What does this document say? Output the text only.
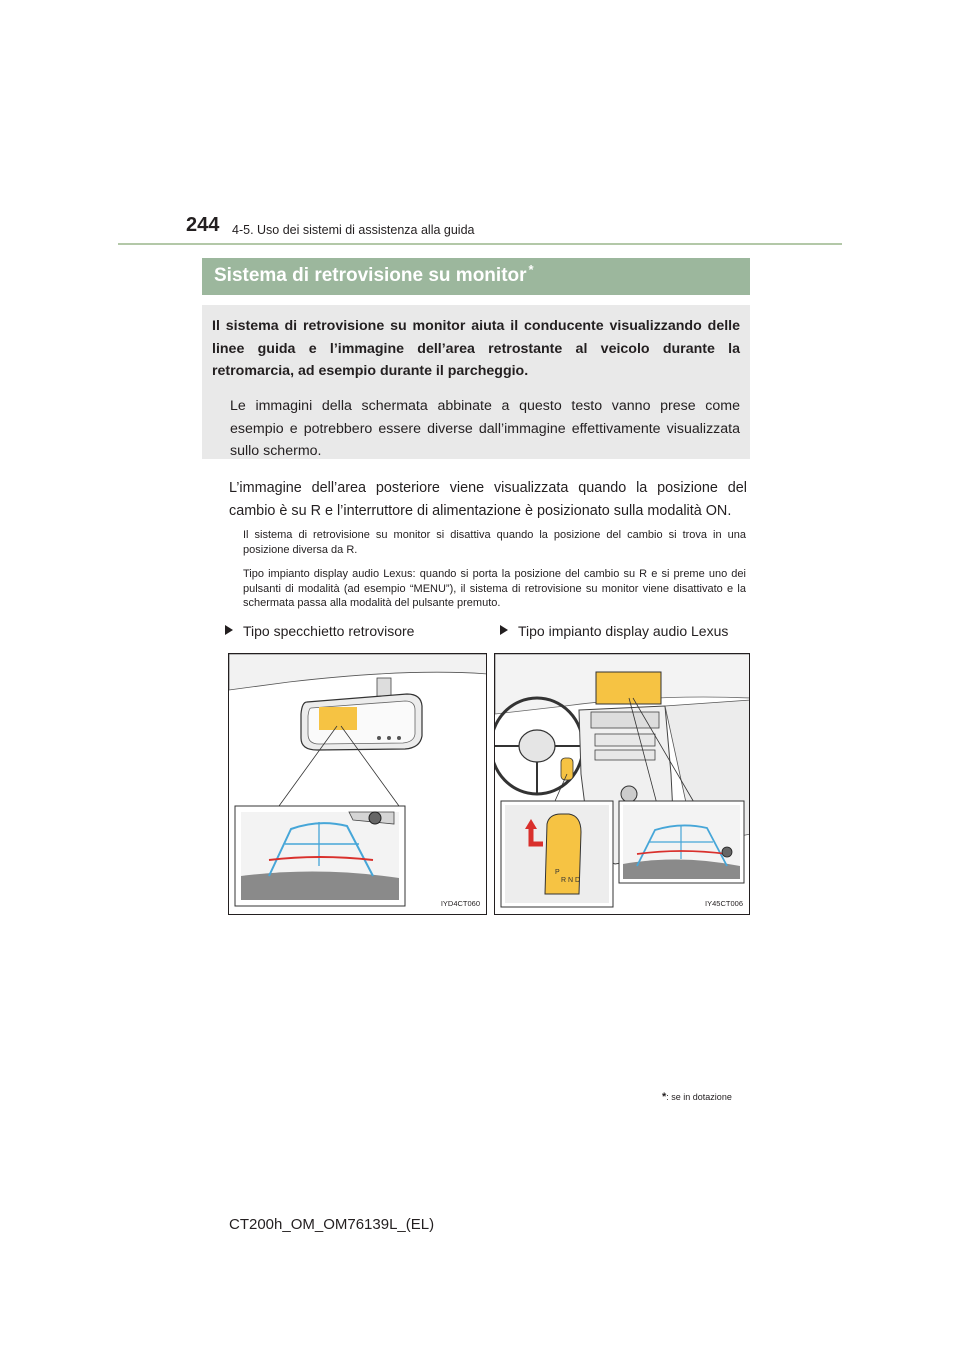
244 4-5. Uso dei sistemi di assistenza alla guida
Sistema di retrovisione su monitor *
Il sistema di retrovisione su monitor aiuta il conducente visualizzando delle linee guida e l’immagine dell’area retrostante al veicolo durante la retromarcia, ad esempio durante il parcheggio.
Le immagini della schermata abbinate a questo testo vanno prese come esempio e potrebbero essere diverse dall’immagine effettivamente visualizzata sullo schermo.
L’immagine dell’area posteriore viene visualizzata quando la posizione del cambio è su R e l’interruttore di alimentazione è posizionato sulla modalità ON.
Il sistema di retrovisione su monitor si disattiva quando la posizione del cambio si trova in una posizione diversa da R.
Tipo impianto display audio Lexus: quando si porta la posizione del cambio su R e si preme uno dei pulsanti di modalità (ad esempio “MENU”), il sistema di retrovisione su monitor viene disattivato e la schermata passa alla modalità del pulsante premuto.
Tipo specchietto retrovisore	Tipo impianto display audio Lexus
IYD4CT060
P
R N D
IY45CT006
*: se in dotazione
CT200h_OM_OM76139L_(EL)
